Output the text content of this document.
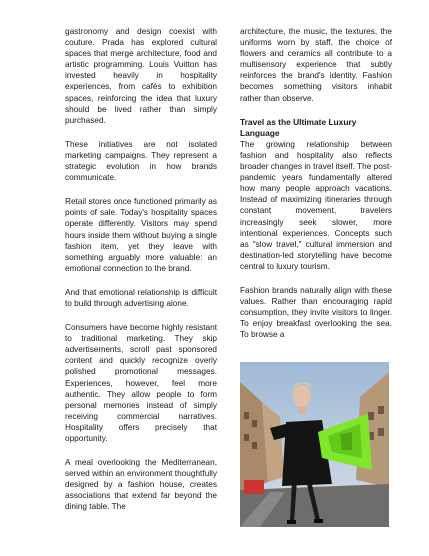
gastronomy and design coexist with couture. Prada has explored cultural spaces that merge architecture, food and artistic programming. Louis Vuitton has invested heavily in hospitality experiences, from cafés to exhibition spaces, reinforcing the idea that luxury should be lived rather than simply purchased.

These initiatives are not isolated marketing campaigns. They represent a strategic evolution in how brands communicate.

Retail stores once functioned primarily as points of sale. Today's hospitality spaces operate differently. Visitors may spend hours inside them without buying a single fashion item, yet they leave with something arguably more valuable: an emotional connection to the brand.

And that emotional relationship is difficult to build through advertising alone.

Consumers have become highly resistant to traditional marketing. They skip advertisements, scroll past sponsored content and quickly recognize overly polished promotional messages. Experiences, however, feel more authentic. They allow people to form personal memories instead of simply receiving commercial narratives. Hospitality offers precisely that opportunity.

A meal overlooking the Mediterranean, served within an environment thoughtfully designed by a fashion house, creates associations that extend far beyond the dining table. The

architecture, the music, the textures, the uniforms worn by staff, the choice of flowers and ceramics all contribute to a multisensory experience that subtly reinforces the brand's identity. Fashion becomes something visitors inhabit rather than observe.

Travel as the Ultimate Luxury Language

The growing relationship between fashion and hospitality also reflects broader changes in travel itself. The post-pandemic years fundamentally altered how many people approach vacations. Instead of maximizing itineraries through constant movement, travelers increasingly seek slower, more intentional experiences. Concepts such as "slow travel," cultural immersion and destination-led storytelling have become central to luxury tourism.

Fashion brands naturally align with these values. Rather than encouraging rapid consumption, they invite visitors to linger. To enjoy breakfast overlooking the sea. To browse a
